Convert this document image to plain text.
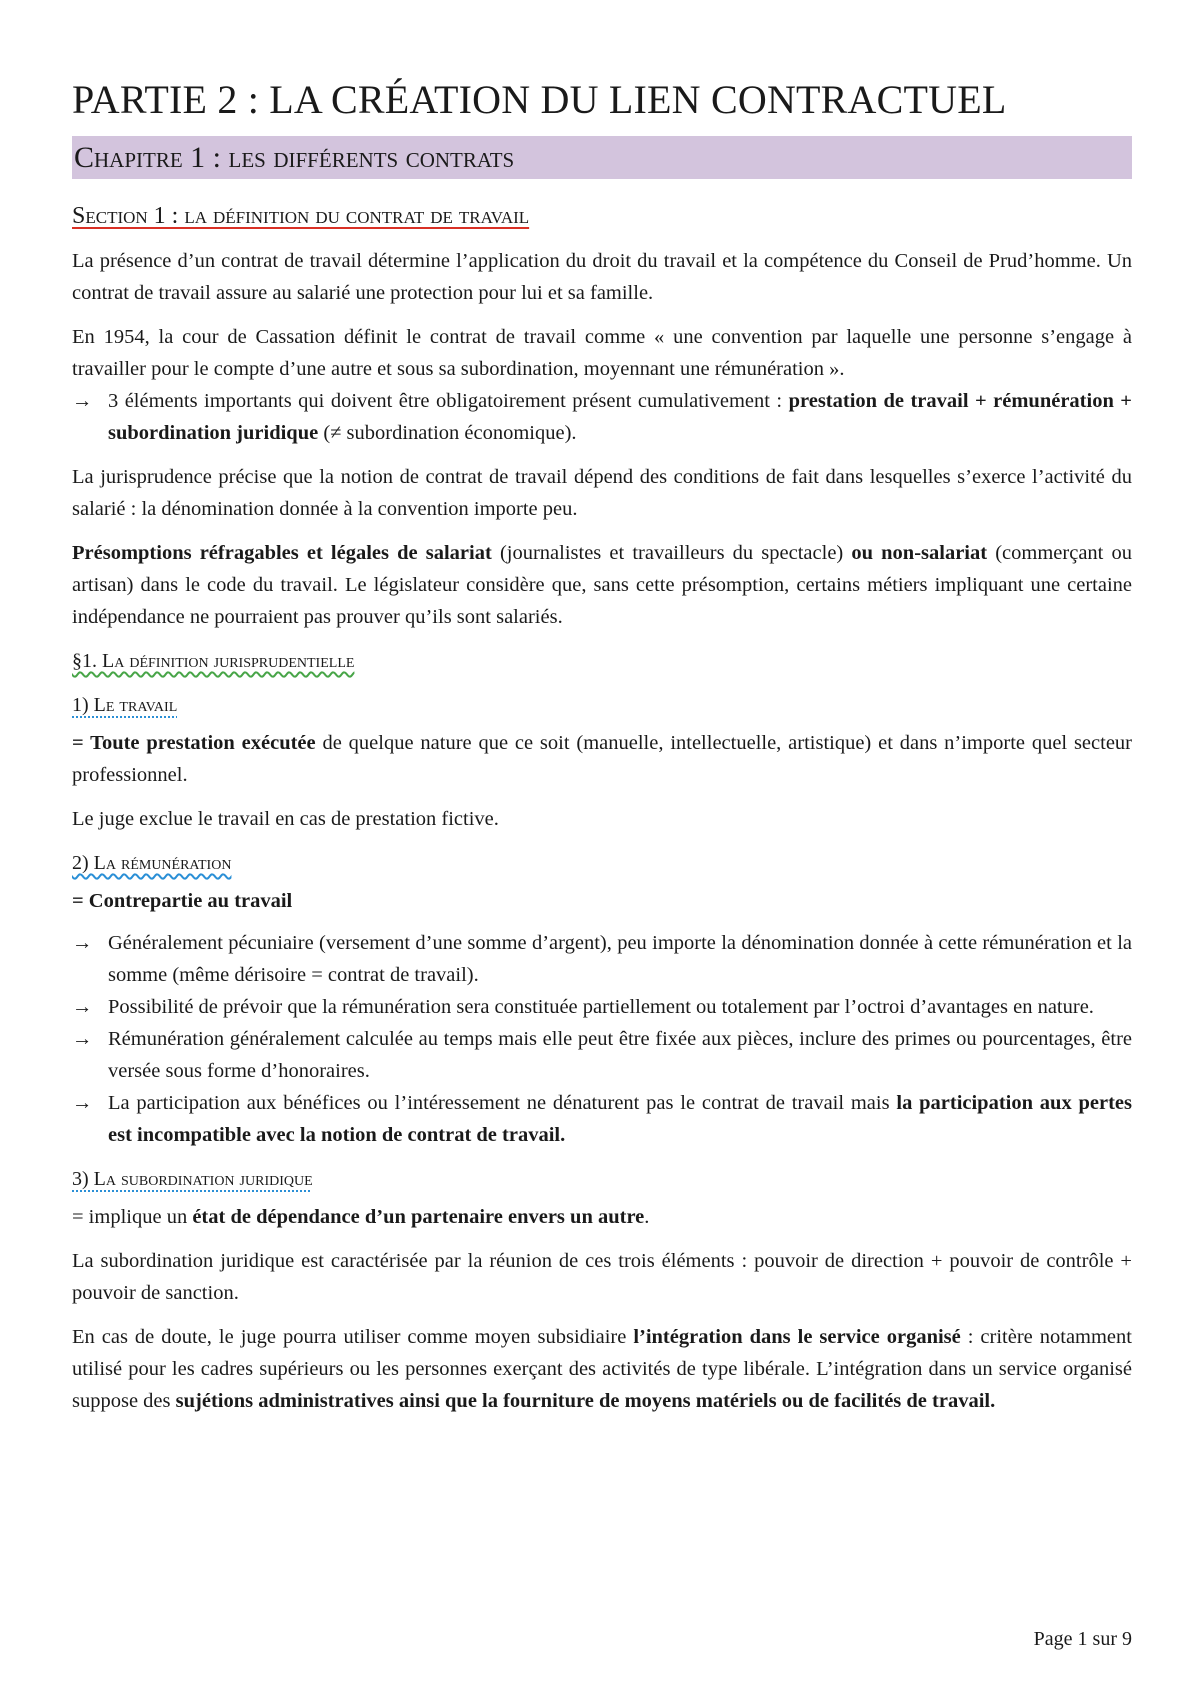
PARTIE 2 : LA CRÉATION DU LIEN CONTRACTUEL
Chapitre 1 : les différents contrats
Section 1 : la définition du contrat de travail

La présence d’un contrat de travail détermine l’application du droit du travail et la compétence du Conseil de Prud’homme. Un contrat de travail assure au salarié une protection pour lui et sa famille.

En 1954, la cour de Cassation définit le contrat de travail comme « une convention par laquelle une personne s’engage à travailler pour le compte d’une autre et sous sa subordination, moyennant une rémunération ».

→ 3 éléments importants qui doivent être obligatoirement présent cumulativement : prestation de travail + rémunération + subordination juridique (≠ subordination économique).

La jurisprudence précise que la notion de contrat de travail dépend des conditions de fait dans lesquelles s’exerce l’activité du salarié : la dénomination donnée à la convention importe peu.

Présomptions réfragables et légales de salariat (journalistes et travailleurs du spectacle) ou non-salariat (commerçant ou artisan) dans le code du travail. Le législateur considère que, sans cette présomption, certains métiers impliquant une certaine indépendance ne pourraient pas prouver qu’ils sont salariés.

§1. La définition jurisprudentielle
1) Le travail

= Toute prestation exécutée de quelque nature que ce soit (manuelle, intellectuelle, artistique) et dans n’importe quel secteur professionnel.

Le juge exclue le travail en cas de prestation fictive.

2) La rémunération

= Contrepartie au travail

→ Généralement pécuniaire (versement d’une somme d’argent), peu importe la dénomination donnée à cette rémunération et la somme (même dérisoire = contrat de travail).
→ Possibilité de prévoir que la rémunération sera constituée partiellement ou totalement par l’octroi d’avantages en nature.
→ Rémunération généralement calculée au temps mais elle peut être fixée aux pièces, inclure des primes ou pourcentages, être versée sous forme d’honoraires.
→ La participation aux bénéfices ou l’intéressement ne dénaturent pas le contrat de travail mais la participation aux pertes est incompatible avec la notion de contrat de travail.
3) La subordination juridique

= implique un état de dépendance d’un partenaire envers un autre.

La subordination juridique est caractérisée par la réunion de ces trois éléments : pouvoir de direction + pouvoir de contrôle + pouvoir de sanction.

En cas de doute, le juge pourra utiliser comme moyen subsidiaire l’intégration dans le service organisé : critère notamment utilisé pour les cadres supérieurs ou les personnes exerçant des activités de type libérale. L’intégration dans un service organisé suppose des sujétions administratives ainsi que la fourniture de moyens matériels ou de facilités de travail.

Page 1 sur 9
